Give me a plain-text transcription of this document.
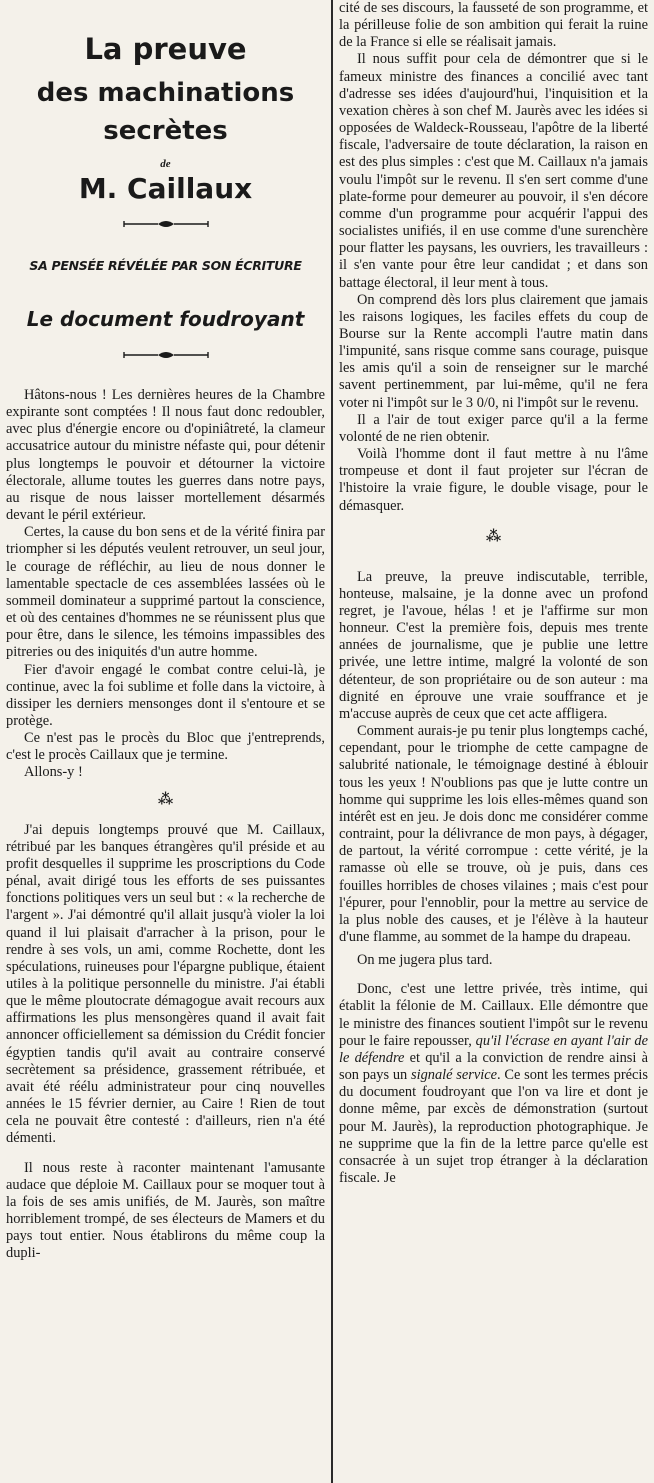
La preuve
des machinations secrètes
de
M. Caillaux
SA PENSÉE RÉVÉLÉE PAR SON ÉCRITURE
Le document foudroyant

Hâtons-nous ! Les dernières heures de la Chambre expirante sont comptées ! Il nous faut donc redoubler, avec plus d'énergie encore ou d'opiniâtreté, la clameur accusatrice autour du ministre néfaste qui, pour détenir plus longtemps le pouvoir et détourner la victoire électorale, allume toutes les guerres dans notre pays, au risque de nous laisser mortellement désarmés devant le péril extérieur.

Certes, la cause du bon sens et de la vérité finira par triompher si les députés veulent retrouver, un seul jour, le courage de réfléchir, au lieu de nous donner le lamentable spectacle de ces assemblées lassées où le sommeil dominateur a supprimé partout la conscience, et où des centaines d'hommes ne se réunissent plus que pour être, dans le silence, les témoins impassibles des pitreries ou des iniquités d'un autre homme.

Fier d'avoir engagé le combat contre celui-là, je continue, avec la foi sublime et folle dans la victoire, à dissiper les derniers mensonges dont il s'entoure et se protège.

Ce n'est pas le procès du Bloc que j'entreprends, c'est le procès Caillaux que je termine.

Allons-y !

⁂

J'ai depuis longtemps prouvé que M. Caillaux, rétribué par les banques étrangères qu'il préside et au profit desquelles il supprime les proscriptions du Code pénal, avait dirigé tous les efforts de ses puissantes fonctions politiques vers un seul but : « la recherche de l'argent ». J'ai démontré qu'il allait jusqu'à violer la loi quand il lui plaisait d'arracher à la prison, pour le rendre à ses vols, un ami, comme Rochette, dont les spéculations, ruineuses pour l'épargne publique, étaient utiles à la politique personnelle du ministre. J'ai établi que le même ploutocrate démagogue avait recours aux affirmations les plus mensongères quand il avait fait annoncer officiellement sa démission du Crédit foncier égyptien tandis qu'il avait au contraire conservé secrètement sa présidence, grassement rétribuée, et avait été réélu administrateur pour cinq nouvelles années le 15 février dernier, au Caire ! Rien de tout cela ne pouvait être contesté : d'ailleurs, rien n'a été démenti.

Il nous reste à raconter maintenant l'amusante audace que déploie M. Caillaux pour se moquer tout à la fois de ses amis unifiés, de M. Jaurès, son maître horriblement trompé, de ses électeurs de Mamers et du pays tout entier. Nous établirons du même coup la dupli-

cité de ses discours, la fausseté de son programme, et la périlleuse folie de son ambition qui ferait la ruine de la France si elle se réalisait jamais.

Il nous suffit pour cela de démontrer que si le fameux ministre des finances a concilié avec tant d'adresse ses idées d'aujourd'hui, l'inquisition et la vexation chères à son chef M. Jaurès avec les idées si opposées de Waldeck-Rousseau, l'apôtre de la liberté fiscale, l'adversaire de toute déclaration, la raison en est des plus simples : c'est que M. Caillaux n'a jamais voulu l'impôt sur le revenu. Il s'en sert comme d'une plate-forme pour demeurer au pouvoir, il s'en décore comme d'un programme pour acquérir l'appui des socialistes unifiés, il en use comme d'une surenchère pour flatter les paysans, les ouvriers, les travailleurs : il s'en vante pour être leur candidat ; et dans son battage électoral, il leur ment à tous.

On comprend dès lors plus clairement que jamais les raisons logiques, les faciles effets du coup de Bourse sur la Rente accompli l'autre matin dans l'impunité, sans risque comme sans courage, puisque les amis qu'il a soin de renseigner sur le marché savent pertinemment, par lui-même, qu'il ne fera voter ni l'impôt sur le 3 0/0, ni l'impôt sur le revenu.

Il a l'air de tout exiger parce qu'il a la ferme volonté de ne rien obtenir.

Voilà l'homme dont il faut mettre à nu l'âme trompeuse et dont il faut projeter sur l'écran de l'histoire la vraie figure, le double visage, pour le démasquer.

⁂

La preuve, la preuve indiscutable, terrible, honteuse, malsaine, je la donne avec un profond regret, je l'avoue, hélas ! et je l'affirme sur mon honneur. C'est la première fois, depuis mes trente années de journalisme, que je publie une lettre privée, une lettre intime, malgré la volonté de son détenteur, de son propriétaire ou de son auteur : ma dignité en éprouve une vraie souffrance et je m'accuse auprès de ceux que cet acte affligera.

Comment aurais-je pu tenir plus longtemps caché, cependant, pour le triomphe de cette campagne de salubrité nationale, le témoignage destiné à éblouir tous les yeux ! N'oublions pas que je lutte contre un homme qui supprime les lois elles-mêmes quand son intérêt est en jeu. Je dois donc me considérer comme contraint, pour la délivrance de mon pays, à dégager, de partout, la vérité corrompue : cette vérité, je la ramasse où elle se trouve, où je puis, dans ces fouilles horribles de choses vilaines ; mais c'est pour l'épurer, pour l'ennoblir, pour la mettre au service de la plus noble des causes, et je l'élève à la hauteur d'une flamme, au sommet de la hampe du drapeau.

On me jugera plus tard.

Donc, c'est une lettre privée, très intime, qui établit la félonie de M. Caillaux. Elle démontre que le ministre des finances soutient l'impôt sur le revenu pour le faire repousser, qu'il l'écrase en ayant l'air de le défendre et qu'il a la conviction de rendre ainsi à son pays un signalé service. Ce sont les termes précis du document foudroyant que l'on va lire et dont je donne même, par excès de démonstration (surtout pour M. Jaurès), la reproduction photographique. Je ne supprime que la fin de la lettre parce qu'elle est consacrée à un sujet trop étranger à la déclaration fiscale. Je
